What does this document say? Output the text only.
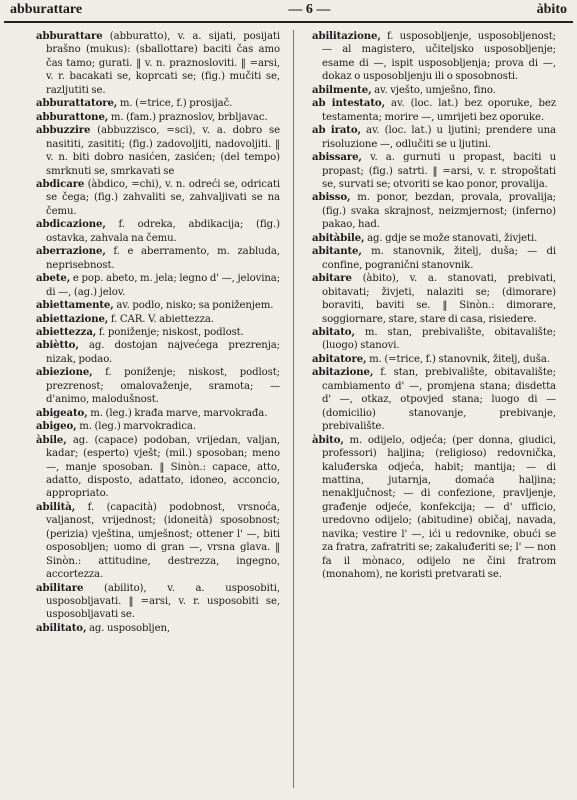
abburattare	— 6 —	àbito

abburattare (abburatto), v. a. sijati, posijati brašno (mukus): (sballottare) baciti čas amo čas tamo; gurati. ‖ v. n. praznosloviti. ‖ =arsi, v. r. bacakati se, koprcati se; (fig.) mučiti se, razljutiti se.

abburattatore, m. (=trice, f.) prosijač.

abburattone, m. (fam.) praznoslov, brbljavac.

abbuzzire (abbuzzisco, =sci), v. a. dobro se nasititi, zasititi; (fig.) zadovoljiti, nadovoljiti. ‖ v. n. biti dobro nasićen, zasićen; (del tempo) smrknuti se, smrkavati se

abdicare (àbdico, =chi), v. n. odreći se, odricati se čega; (fig.) zahvaliti se, zahvaljivati se na čemu.

abdicazione, f. odreka, abdikacija; (fig.) ostavka, zahvala na čemu.

aberrazione, f. e aberramento, m. zabluda, neprisebnost.

abete, e pop. abeto, m. jela; legno d' —, jelovina; di —, (ag.) jelov.

abiettamente, av. podlo, nisko; sa poniženjem.

abiettazione, f. CAR. V. abiettezza.

abiettezza, f. poniženje; niskost, podlost.

abiètto, ag. dostojan najvećega prezrenja; nizak, podao.

abiezione, f. poniženje; niskost, podlost; prezrenost; omalovaženje, sramota; — d'animo, malodušnost.

abigeato, m. (leg.) krađa marve, marvokrađa.

abigeo, m. (leg.) marvokradica.

àbile, ag. (capace) podoban, vrijedan, valjan, kadar; (esperto) vješt; (mil.) sposoban; meno —, manje sposoban. ‖ Sinòn.: capace, atto, adatto, disposto, adattato, idoneo, acconcio, appropriato.

abilità, f. (capacità) podobnost, vrsnoća, valjanost, vrijednost; (idoneità) sposobnost; (perizia) vještina, umješnost; ottener l' —, biti osposobljen; uomo di gran —, vrsna glava. ‖ Sinòn.: attitudine, destrezza, ingegno, accortezza.

abilitare (abilito), v. a. usposobiti, usposobljavati. ‖ =arsi, v. r. usposobiti se, usposobljavati se.

abilitato, ag. usposobljen,

abilitazione, f. usposobljenje, usposobljenost; — al magistero, učiteljsko usposobljenje; esame di —, ispit usposobljenja; prova di —, dokaz o usposobljenju ili o sposobnosti.

abilmente, av. vješto, umješno, fino.

ab intestato, av. (loc. lat.) bez oporuke, bez testamenta; morire —, umrijeti bez oporuke.

ab irato, av. (loc. lat.) u ljutini; prendere una risoluzione —, odlučiti se u ljutini.

abissare, v. a. gurnuti u propast, baciti u propast; (fig.) satrti. ‖ =arsi, v. r. stropoštati se, survati se; otvoriti se kao ponor, provalija.

abisso, m. ponor, bezdan, provala, provalija; (fig.) svaka skrajnost, neizmjernost; (inferno) pakao, had.

abitàbile, ag. gdje se može stanovati, živjeti.

abitante, m. stanovnik, žitelj, duša; — di confine, pogranični stanovnik.

abitare (àbito), v. a. stanovati, prebivati, obitavati; živjeti, nalaziti se; (dimorare) boraviti, baviti se. ‖ Sinòn.: dimorare, soggiornare, stare, stare di casa, risiedere.

abitato, m. stan, prebivalište, obitavalište; (luogo) stanovi.

abitatore, m. (=trice, f.) stanovnik, žitelj, duša.

abitazione, f. stan, prebivalište, obitavalište; cambiamento d' —, promjena stana; disdetta d' —, otkaz, otpovjed stana; luogo di — (domicilio) stanovanje, prebivanje, prebivalište.

àbito, m. odijelo, odjeća; (per donna, giudici, professori) haljina; (religioso) redovnička, kaluđerska odjeća, habit; mantija; — di mattina, jutarnja, domaća haljina; nenaključnost; — di confezione, pravljenje, građenje odjeće, konfekcija; — d' ufficio, uredovno odijelo; (abitudine) običaj, navada, navika; vestire l' —, ići u redovnike, obući se za fratra, zafratriti se; zakaluđeriti se; l' — non fa il mònaco, odijelo ne čini fratrom (monahom), ne koristi pretvarati se.
